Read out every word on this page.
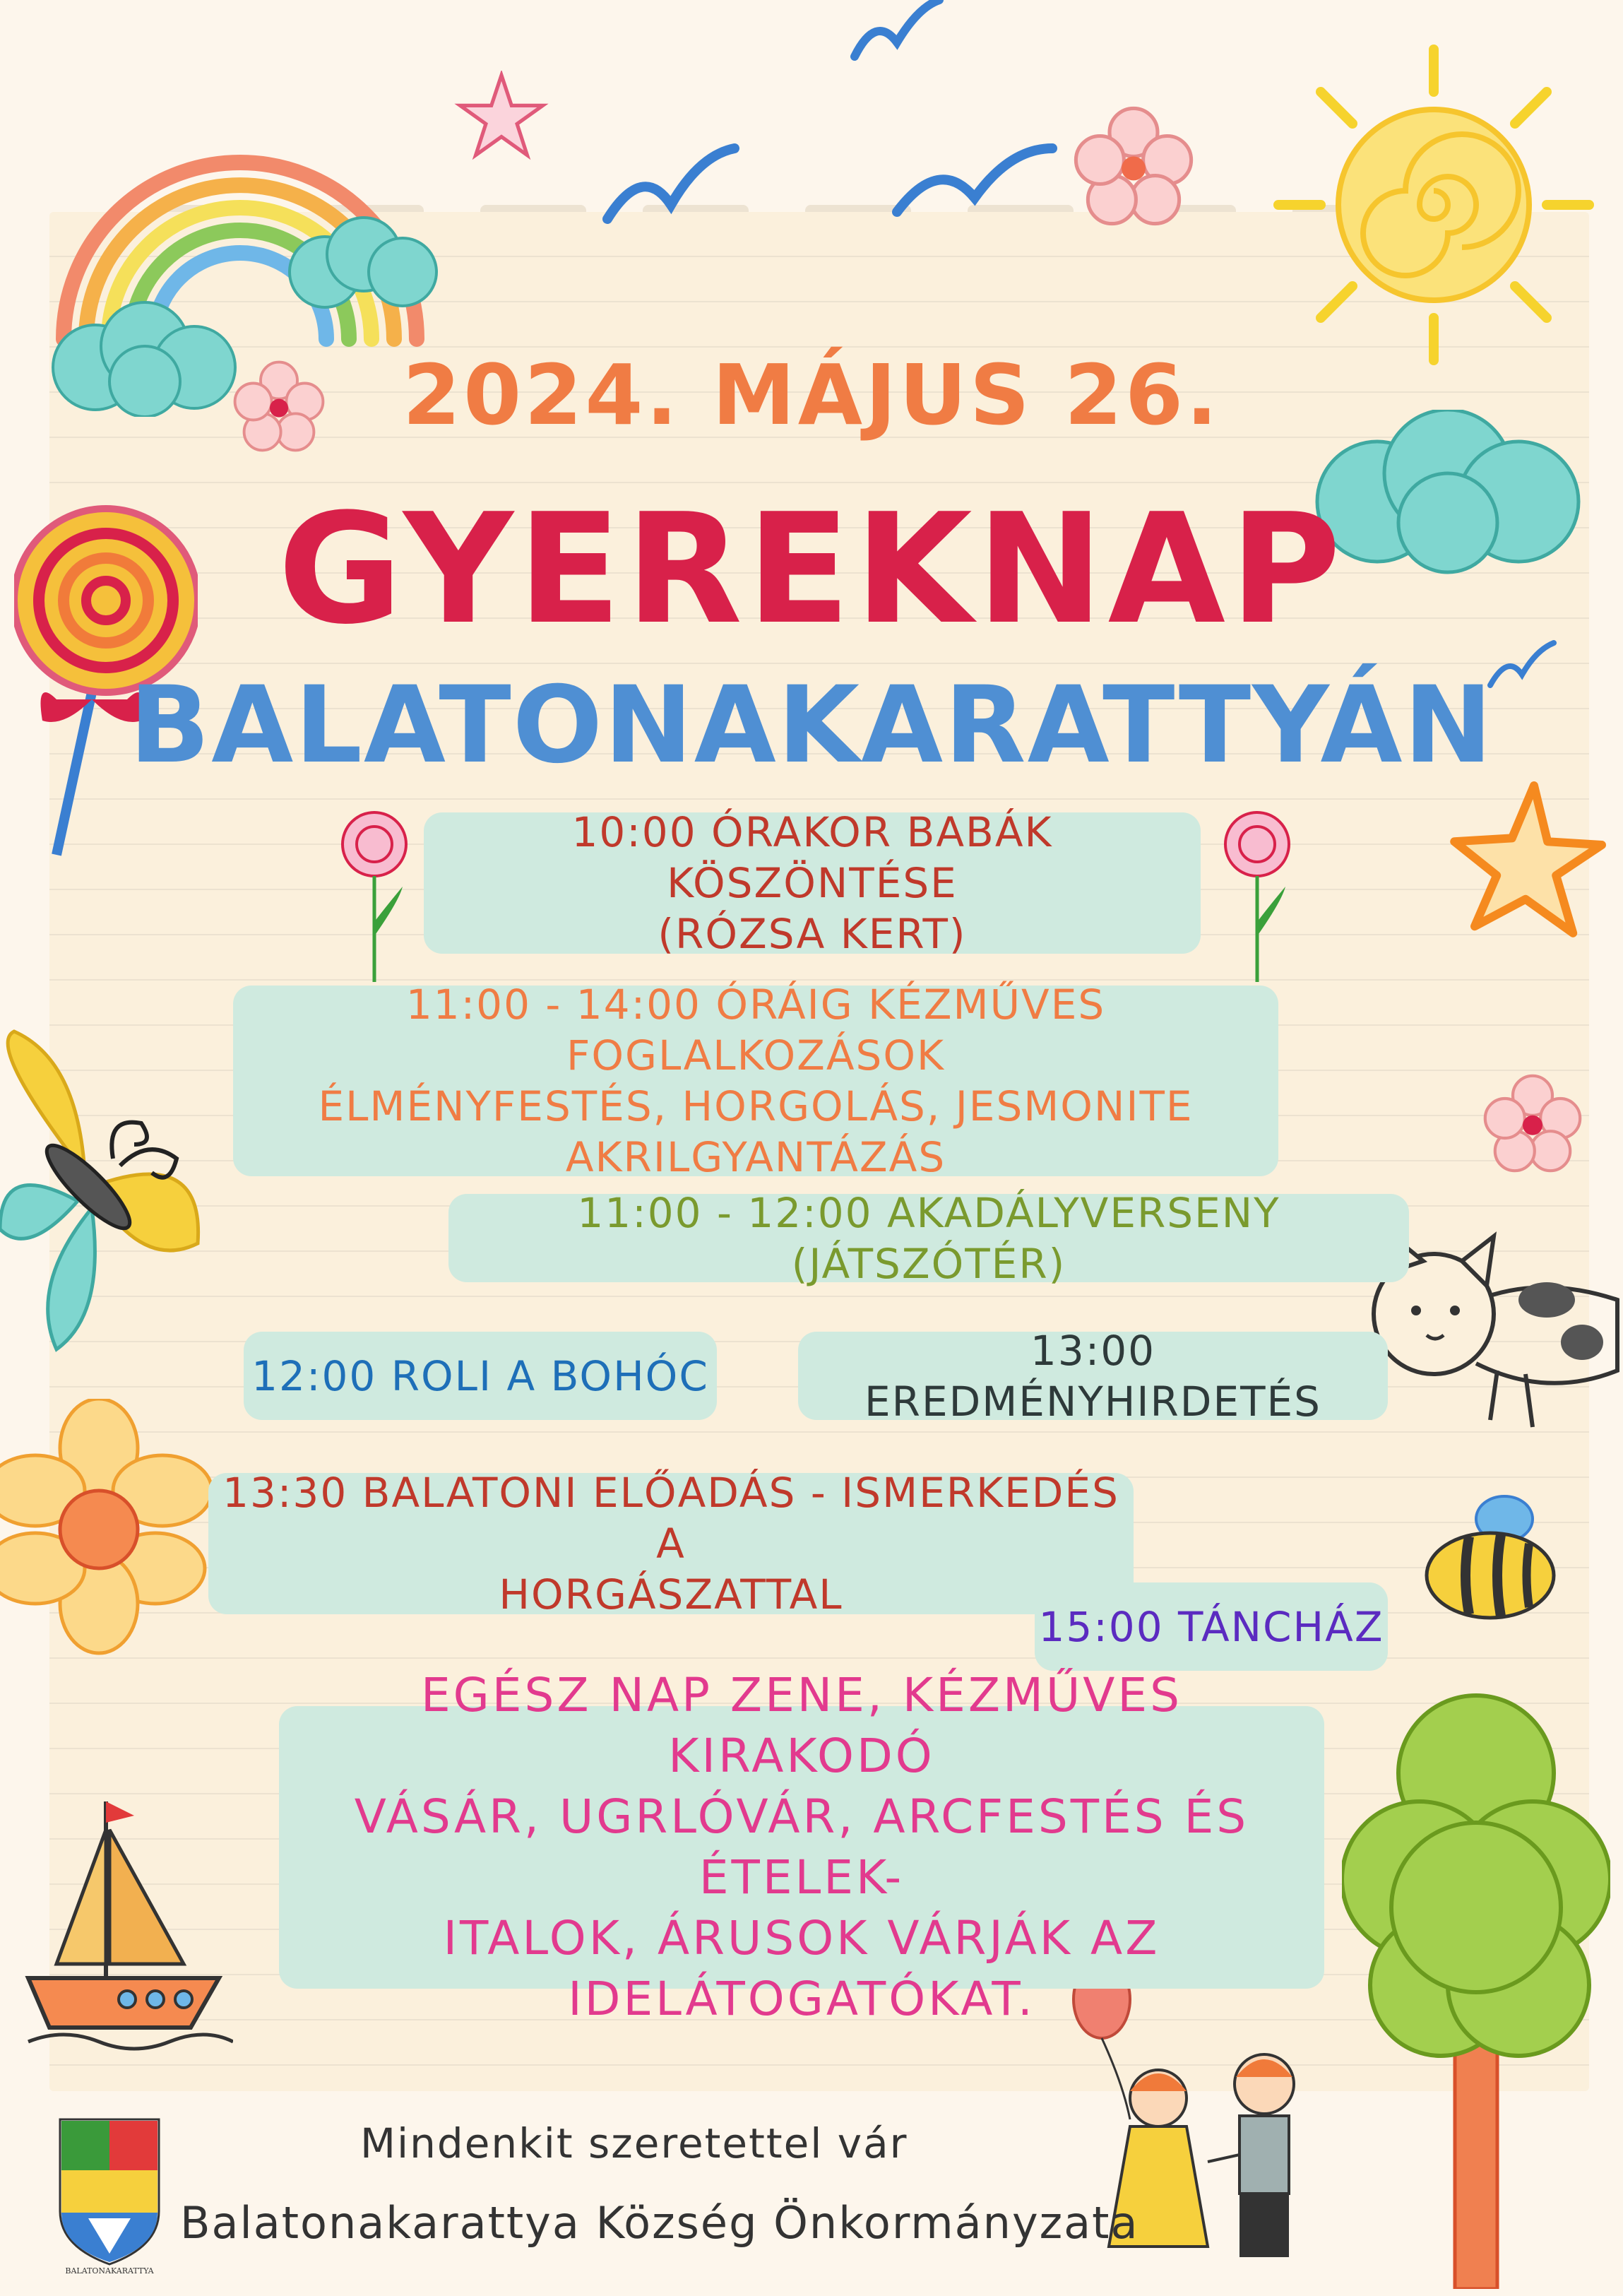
2024. MÁJUS 26.
GYEREKNAP
BALATONAKARATTYÁN
10:00 ÓRAKOR BABÁK KÖSZÖNTÉSE
(RÓZSA KERT)
11:00 - 14:00 ÓRÁIG KÉZMŰVES FOGLALKOZÁSOK
ÉLMÉNYFESTÉS, HORGOLÁS, JESMONITE
AKRILGYANTÁZÁS
11:00 - 12:00 AKADÁLYVERSENY (JÁTSZÓTÉR)
12:00 ROLI A BOHÓC
13:00 EREDMÉNYHIRDETÉS
13:30 BALATONI ELŐADÁS - ISMERKEDÉS A
HORGÁSZATTAL
15:00 TÁNCHÁZ
EGÉSZ NAP ZENE, KÉZMŰVES KIRAKODÓ
VÁSÁR, UGRLÓVÁR, ARCFESTÉS ÉS ÉTELEK-
ITALOK, ÁRUSOK VÁRJÁK AZ
IDELÁTOGATÓKAT.
BALATONAKARATTYA
Mindenkit szeretettel vár
Balatonakarattya Község Önkormányzata
